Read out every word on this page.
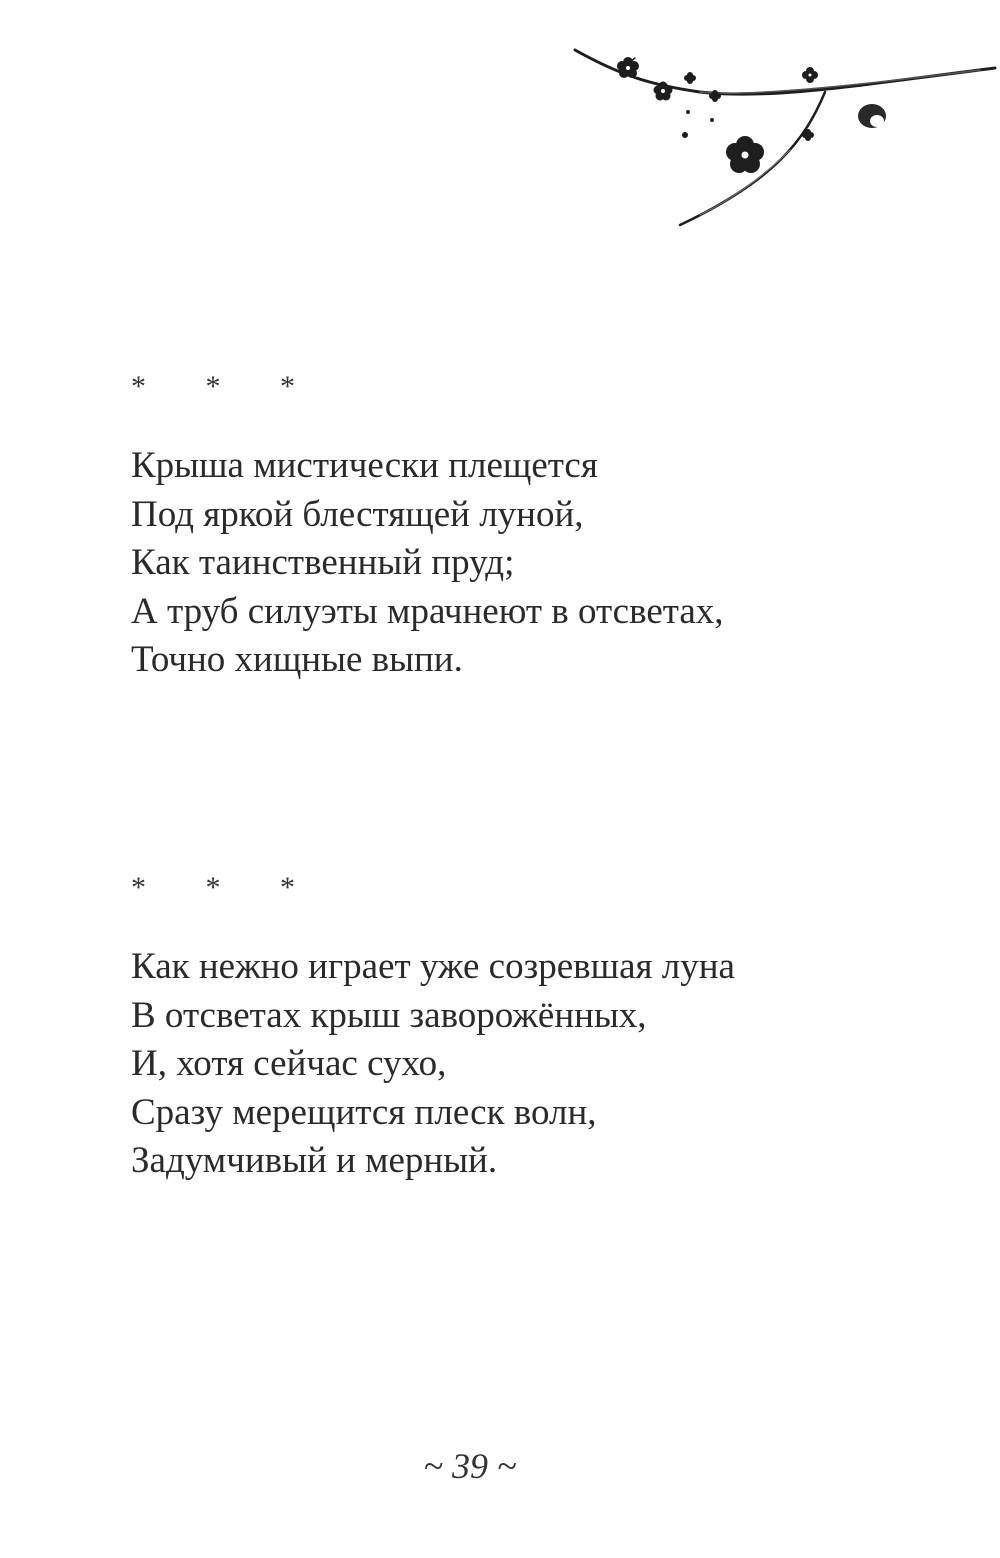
* * *
Крыша мистически плещется
Под яркой блестящей луной,
Как таинственный пруд;
А труб силуэты мрачнеют в отсветах,
Точно хищные выпи.
* * *
Как нежно играет уже созревшая луна
В отсветах крыш заворожённых,
И, хотя сейчас сухо,
Сразу мерещится плеск волн,
Задумчивый и мерный.
~ 39 ~
